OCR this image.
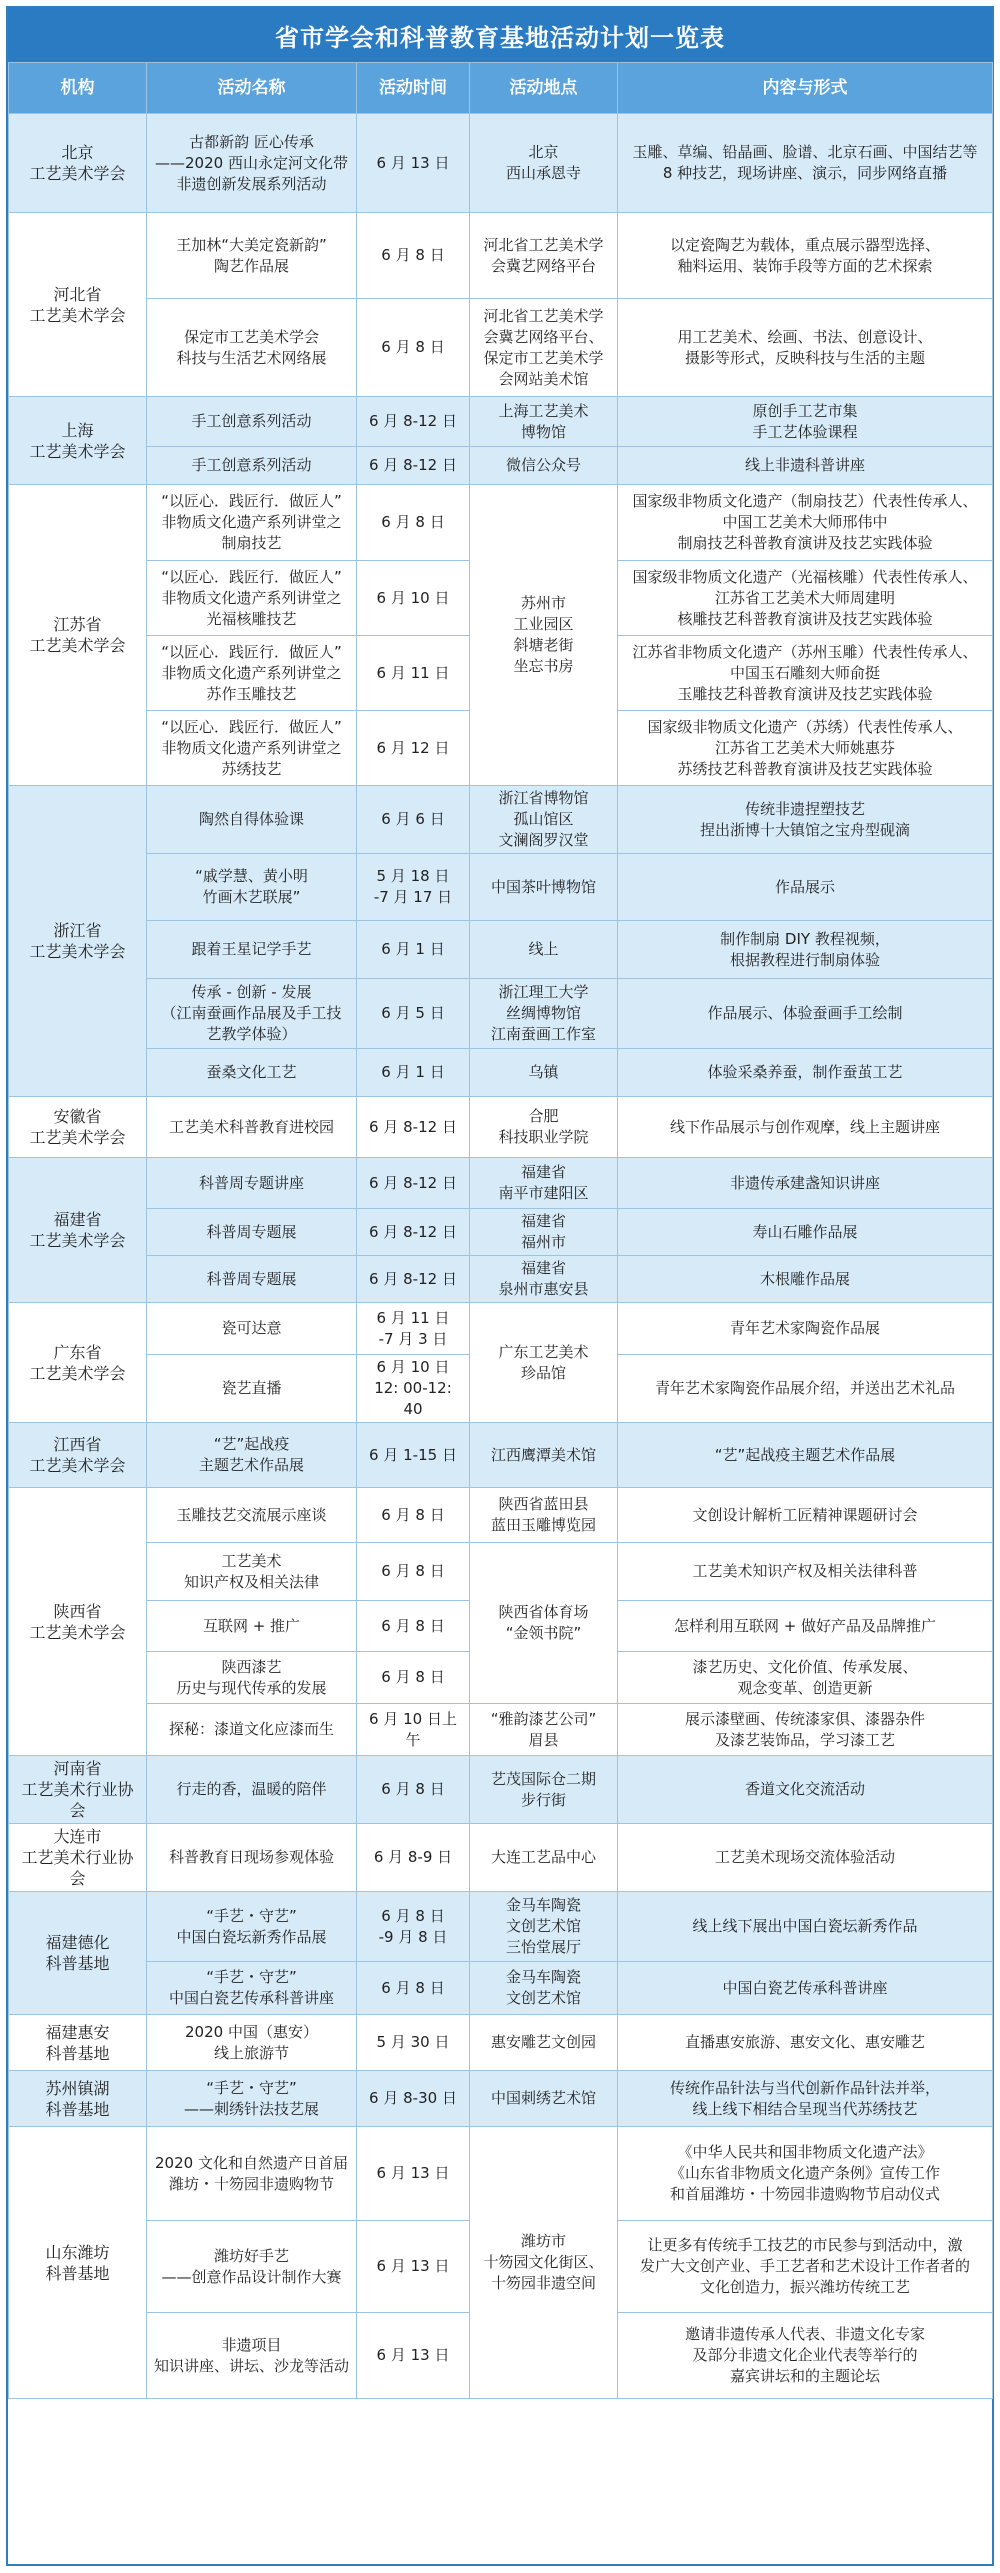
省市学会和科普教育基地活动计划一览表
机构	活动名称	活动时间	活动地点	内容与形式
北京
工艺美术学会	古都新韵 匠心传承
——2020 西山永定河文化带
非遗创新发展系列活动	6 月 13 日	北京
西山承恩寺	玉雕、草编、铅晶画、脸谱、北京石画、中国结艺等
8 种技艺，现场讲座、演示，同步网络直播
河北省
工艺美术学会	王加林“大美定瓷新韵”
陶艺作品展	6 月 8 日	河北省工艺美术学
会冀艺网络平台	以定瓷陶艺为载体，重点展示器型选择、
釉料运用、装饰手段等方面的艺术探索
	保定市工艺美术学会
科技与生活艺术网络展	6 月 8 日	河北省工艺美术学
会冀艺网络平台、
保定市工艺美术学
会网站美术馆	用工艺美术、绘画、书法、创意设计、
摄影等形式，反映科技与生活的主题
上海
工艺美术学会	手工创意系列活动	6 月 8-12 日	上海工艺美术
博物馆	原创手工艺市集
手工艺体验课程
	手工创意系列活动	6 月 8-12 日	微信公众号	线上非遗科普讲座
江苏省
工艺美术学会	“以匠心．践匠行．做匠人”
非物质文化遗产系列讲堂之
制扇技艺	6 月 8 日	苏州市
工业园区
斜塘老街
坐忘书房	国家级非物质文化遗产（制扇技艺）代表性传承人、
中国工艺美术大师邢伟中
制扇技艺科普教育演讲及技艺实践体验
	“以匠心．践匠行．做匠人”
非物质文化遗产系列讲堂之
光福核雕技艺	6 月 10 日		国家级非物质文化遗产（光福核雕）代表性传承人、
江苏省工艺美术大师周建明
核雕技艺科普教育演讲及技艺实践体验
	“以匠心．践匠行．做匠人”
非物质文化遗产系列讲堂之
苏作玉雕技艺	6 月 11 日		江苏省非物质文化遗产（苏州玉雕）代表性传承人、
中国玉石雕刻大师俞挺
玉雕技艺科普教育演讲及技艺实践体验
	“以匠心．践匠行．做匠人”
非物质文化遗产系列讲堂之
苏绣技艺	6 月 12 日		国家级非物质文化遗产（苏绣）代表性传承人、
江苏省工艺美术大师姚惠芬
苏绣技艺科普教育演讲及技艺实践体验
浙江省
工艺美术学会	陶然自得体验课	6 月 6 日	浙江省博物馆
孤山馆区
文澜阁罗汉堂	传统非遗捏塑技艺
捏出浙博十大镇馆之宝舟型砚滴
	“戚学慧、黄小明
竹画木艺联展”	5 月 18 日
-7 月 17 日	中国茶叶博物馆	作品展示
	跟着王星记学手艺	6 月 1 日	线上	制作制扇 DIY 教程视频，
根据教程进行制扇体验
	传承 - 创新 - 发展
（江南蚕画作品展及手工技
艺教学体验）	6 月 5 日	浙江理工大学
丝绸博物馆
江南蚕画工作室	作品展示、体验蚕画手工绘制
	蚕桑文化工艺	6 月 1 日	乌镇	体验采桑养蚕，制作蚕茧工艺
安徽省
工艺美术学会	工艺美术科普教育进校园	6 月 8-12 日	合肥
科技职业学院	线下作品展示与创作观摩，线上主题讲座
福建省
工艺美术学会	科普周专题讲座	6 月 8-12 日	福建省
南平市建阳区	非遗传承建盏知识讲座
	科普周专题展	6 月 8-12 日	福建省
福州市	寿山石雕作品展
	科普周专题展	6 月 8-12 日	福建省
泉州市惠安县	木根雕作品展
广东省
工艺美术学会	瓷可达意	6 月 11 日
-7 月 3 日	广东工艺美术
珍品馆	青年艺术家陶瓷作品展
	瓷艺直播	6 月 10 日
12: 00-12: 40		青年艺术家陶瓷作品展介绍，并送出艺术礼品
江西省
工艺美术学会	“艺”起战疫
主题艺术作品展	6 月 1-15 日	江西鹰潭美术馆	“艺”起战疫主题艺术作品展
陕西省
工艺美术学会	玉雕技艺交流展示座谈	6 月 8 日	陕西省蓝田县
蓝田玉雕博览园	文创设计解析工匠精神课题研讨会
	工艺美术
知识产权及相关法律	6 月 8 日	陕西省体育场
“金领书院”	工艺美术知识产权及相关法律科普
	互联网 + 推广	6 月 8 日		怎样利用互联网 + 做好产品及品牌推广
	陕西漆艺
历史与现代传承的发展	6 月 8 日		漆艺历史、文化价值、传承发展、
观念变革、创造更新
	探秘：漆道文化应漆而生	6 月 10 日上午	“雅韵漆艺公司”
眉县	展示漆壁画、传统漆家俱、漆器杂件
及漆艺装饰品，学习漆工艺
河南省
工艺美术行业协会	行走的香，温暖的陪伴	6 月 8 日	艺茂国际仓二期
步行街	香道文化交流活动
大连市
工艺美术行业协会	科普教育日现场参观体验	6 月 8-9 日	大连工艺品中心	工艺美术现场交流体验活动
福建德化
科普基地	“手艺・守艺”
中国白瓷坛新秀作品展	6 月 8 日
-9 月 8 日	金马车陶瓷
文创艺术馆
三怡堂展厅	线上线下展出中国白瓷坛新秀作品
	“手艺・守艺”
中国白瓷艺传承科普讲座	6 月 8 日	金马车陶瓷
文创艺术馆	中国白瓷艺传承科普讲座
福建惠安
科普基地	2020 中国（惠安）
线上旅游节	5 月 30 日	惠安雕艺文创园	直播惠安旅游、惠安文化、惠安雕艺
苏州镇湖
科普基地	“手艺・守艺”
——刺绣针法技艺展	6 月 8-30 日	中国刺绣艺术馆	传统作品针法与当代创新作品针法并举，
线上线下相结合呈现当代苏绣技艺
山东潍坊
科普基地	2020 文化和自然遗产日首届
潍坊・十笏园非遗购物节	6 月 13 日	潍坊市
十笏园文化街区、
十笏园非遗空间	《中华人民共和国非物质文化遗产法》
《山东省非物质文化遗产条例》宣传工作
和首届潍坊・十笏园非遗购物节启动仪式
	潍坊好手艺
——创意作品设计制作大赛	6 月 13 日		让更多有传统手工技艺的市民参与到活动中，激
发广大文创产业、手工艺者和艺术设计工作者者的
文化创造力，振兴潍坊传统工艺
	非遗项目
知识讲座、讲坛、沙龙等活动	6 月 13 日		邀请非遗传承人代表、非遗文化专家
及部分非遗文化企业代表等举行的
嘉宾讲坛和的主题论坛
